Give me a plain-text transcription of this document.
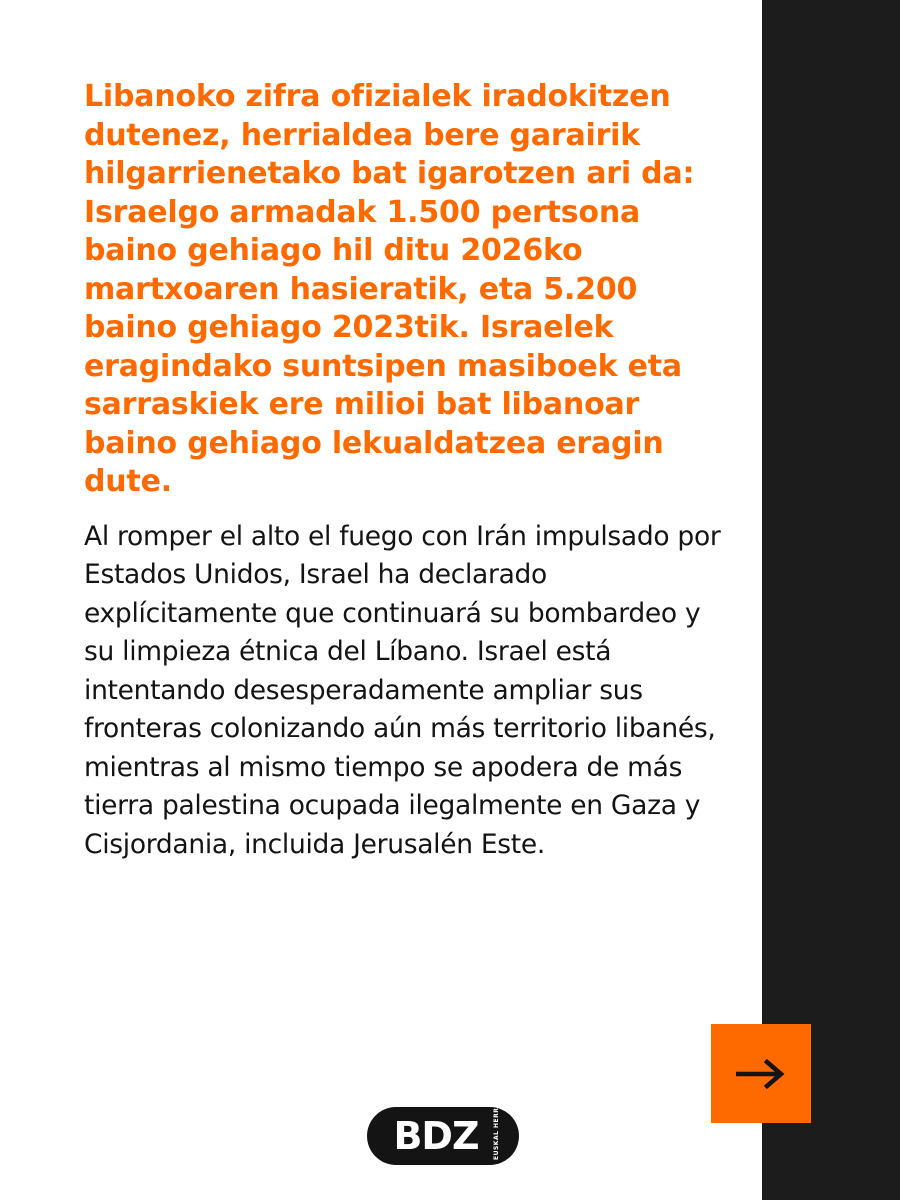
Libanoko zifra ofizialek iradokitzen dutenez, herrialdea bere garairik hilgarrienetako bat igarotzen ari da: Israelgo armadak 1.500 pertsona baino gehiago hil ditu 2026ko martxoaren hasieratik, eta 5.200 baino gehiago 2023tik. Israelek eragindako suntsipen masiboek eta sarraskiek ere milioi bat libanoar baino gehiago lekualdatzea eragin dute.

Al romper el alto el fuego con Irán impulsado por Estados Unidos, Israel ha declarado explícitamente que continuará su bombardeo y su limpieza étnica del Líbano. Israel está intentando desesperadamente ampliar sus fronteras colonizando aún más territorio libanés, mientras al mismo tiempo se apodera de más tierra palestina ocupada ilegalmente en Gaza y Cisjordania, incluida Jerusalén Este.

BDZ EUSKAL HERRIA
